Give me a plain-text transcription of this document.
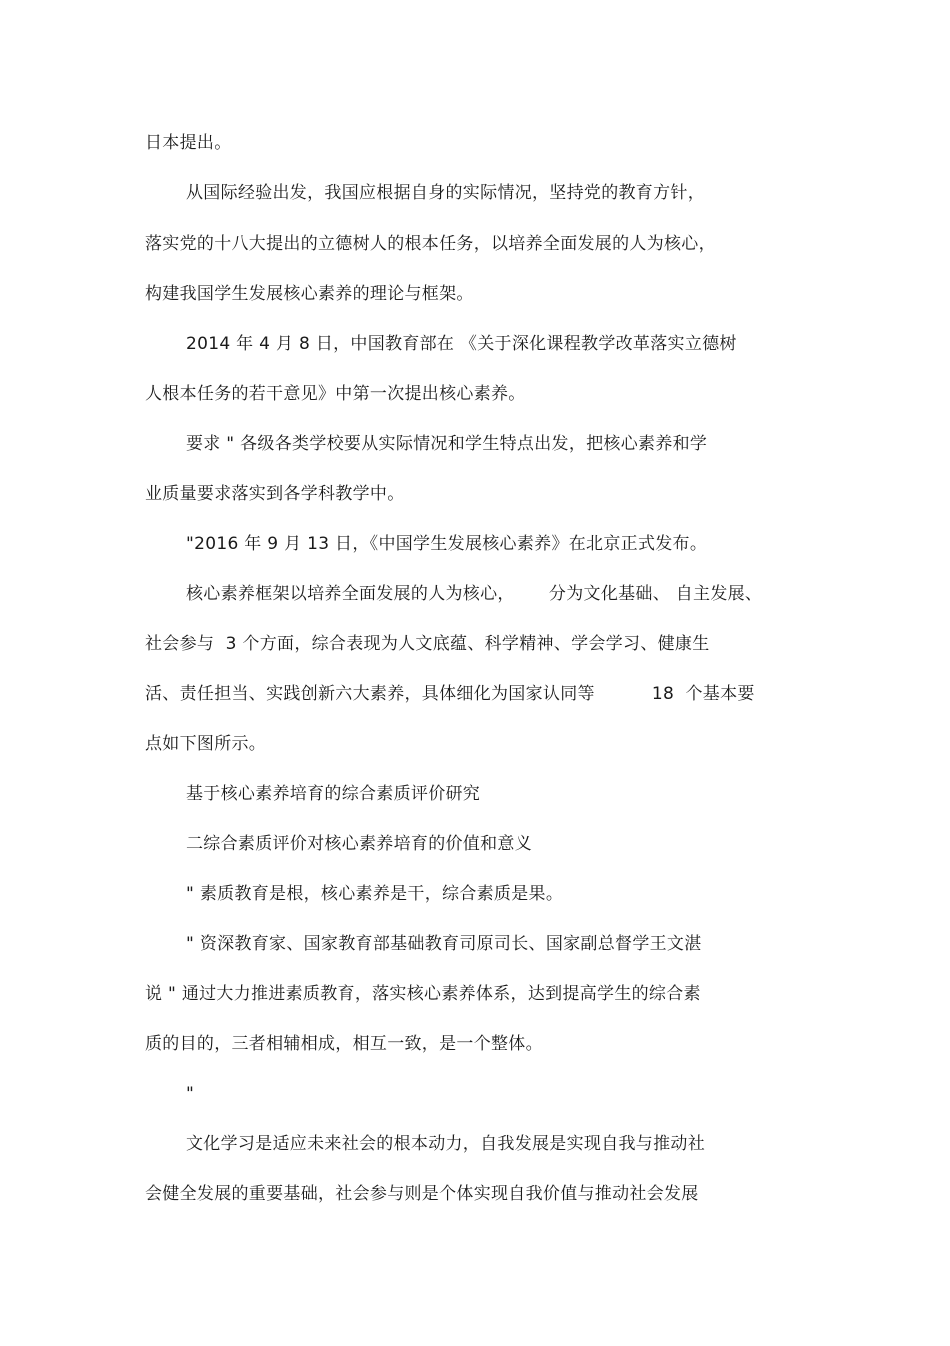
日本提出。
从国际经验出发，我国应根据自身的实际情况，坚持党的教育方针，
落实党的十八大提出的立德树人的根本任务，以培养全面发展的人为核心，
构建我国学生发展核心素养的理论与框架。
2014 年 4 月 8 日，中国教育部在 《关于深化课程教学改革落实立德树
人根本任务的若干意见》中第一次提出核心素养。
要求 " 各级各类学校要从实际情况和学生特点出发，把核心素养和学
业质量要求落实到各学科教学中。
"2016 年 9 月 13 日，《中国学生发展核心素养》在北京正式发布。
核心素养框架以培养全面发展的人为核心，      分为文化基础、 自主发展、
社会参与  3 个方面，综合表现为人文底蕴、科学精神、学会学习、健康生
活、责任担当、实践创新六大素养，具体细化为国家认同等          18  个基本要
点如下图所示。
基于核心素养培育的综合素质评价研究
二综合素质评价对核心素养培育的价值和意义
" 素质教育是根，核心素养是干，综合素质是果。
" 资深教育家、国家教育部基础教育司原司长、国家副总督学王文湛
说 " 通过大力推进素质教育，落实核心素养体系，达到提高学生的综合素
质的目的，三者相辅相成，相互一致，是一个整体。
"
文化学习是适应未来社会的根本动力，自我发展是实现自我与推动社
会健全发展的重要基础，社会参与则是个体实现自我价值与推动社会发展
